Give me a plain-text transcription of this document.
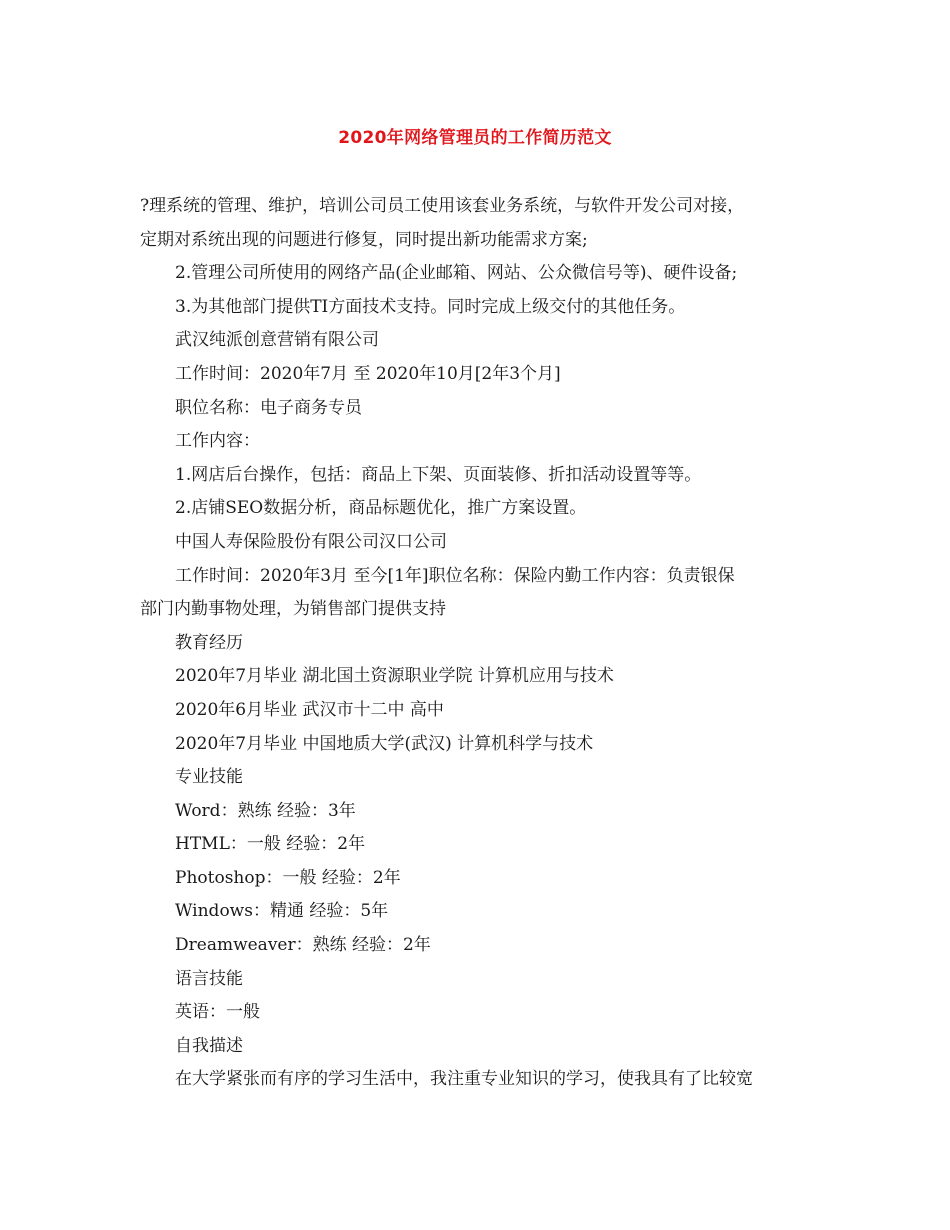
2020年网络管理员的工作简历范文

?理系统的管理、维护，培训公司员工使用该套业务系统，与软件开发公司对接，

定期对系统出现的问题进行修复，同时提出新功能需求方案;

2.管理公司所使用的网络产品(企业邮箱、网站、公众微信号等)、硬件设备;

3.为其他部门提供TI方面技术支持。同时完成上级交付的其他任务。

武汉纯派创意营销有限公司

工作时间：2020年7月 至 2020年10月[2年3个月]

职位名称：电子商务专员

工作内容：

1.网店后台操作，包括：商品上下架、页面装修、折扣活动设置等等。

2.店铺SEO数据分析，商品标题优化，推广方案设置。

中国人寿保险股份有限公司汉口公司

工作时间：2020年3月 至今[1年]职位名称：保险内勤工作内容：负责银保

部门内勤事物处理，为销售部门提供支持

教育经历

2020年7月毕业 湖北国土资源职业学院 计算机应用与技术

2020年6月毕业 武汉市十二中 高中

2020年7月毕业 中国地质大学(武汉) 计算机科学与技术

专业技能

Word：熟练 经验：3年

HTML：一般 经验：2年

Photoshop：一般 经验：2年

Windows：精通 经验：5年

Dreamweaver：熟练 经验：2年

语言技能

英语：一般

自我描述

在大学紧张而有序的学习生活中，我注重专业知识的学习，使我具有了比较宽
